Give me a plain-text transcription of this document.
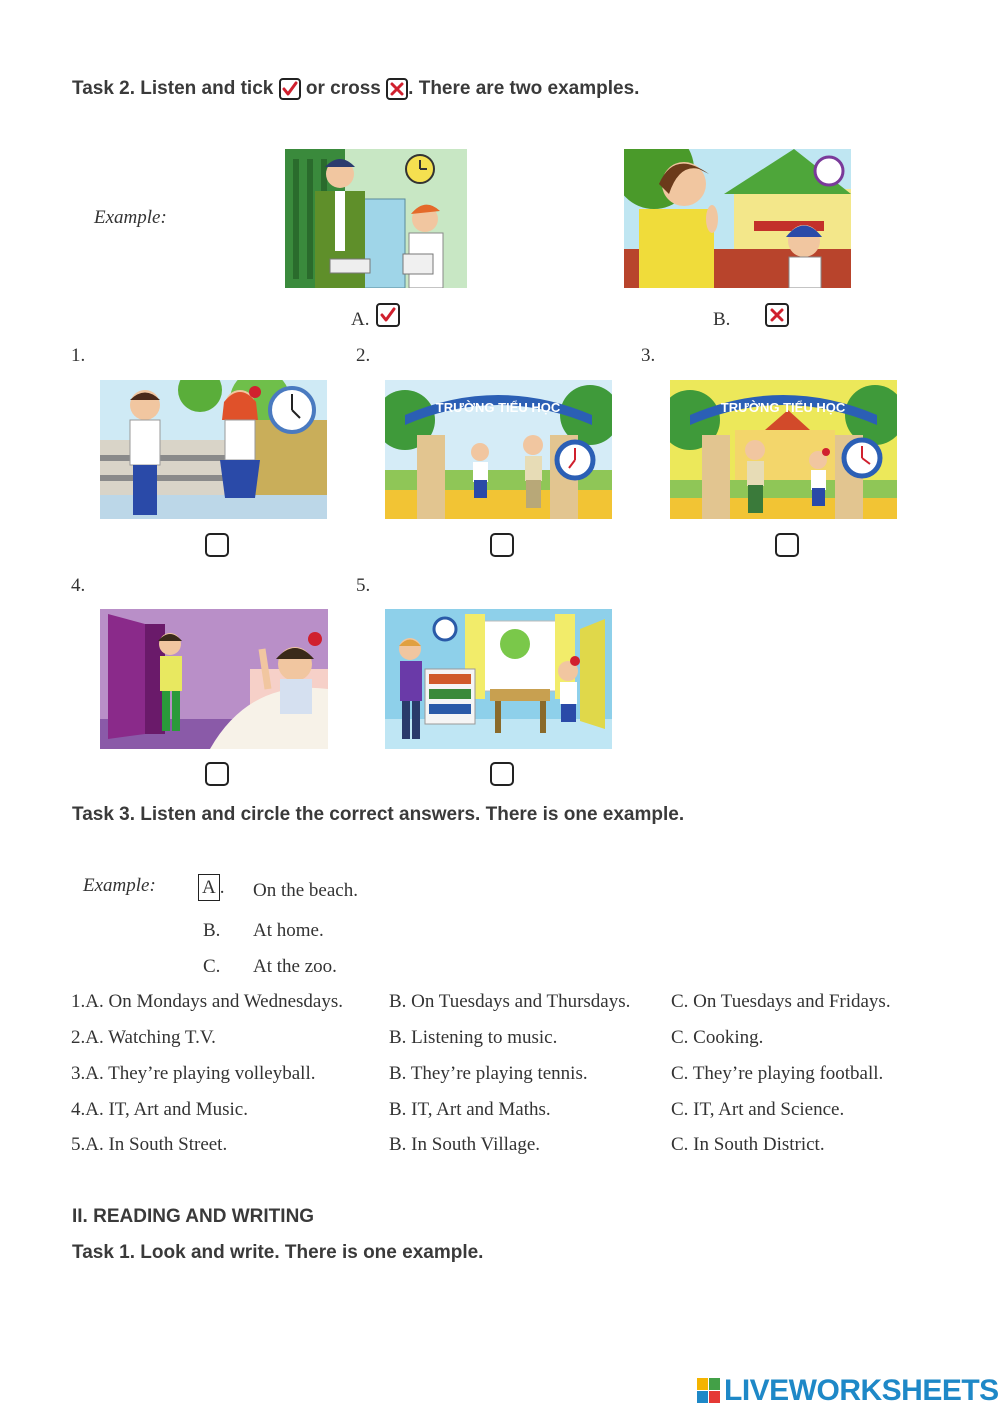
Task 2. Listen and tick or cross . There are two examples.
Example:
A.
	B.
1.	2.	3.
TRƯỜNG TIỂU HỌC	TRƯỜNG TIỂU HỌC
4.	5.
Task 3. Listen and circle the correct answers. There is one example.
Example: A . On the beach.
B. At home.
C. At the zoo.
1.A. On Mondays and Wednesdays. B. On Tuesdays and Thursdays. C. On Tuesdays and Fridays.
2.A. Watching T.V.	B. Listening to music.	C. Cooking.
3.A. They’re playing volleyball.	B. They’re playing tennis.	C. They’re playing football.
4.A. IT, Art and Music.	B. IT, Art and Maths.	C. IT, Art and Science.
5.A. In South Street.	B. In South Village.	C. In South District.
II. READING AND WRITING
Task 1. Look and write. There is one example.
LIVEWORKSHEETS
